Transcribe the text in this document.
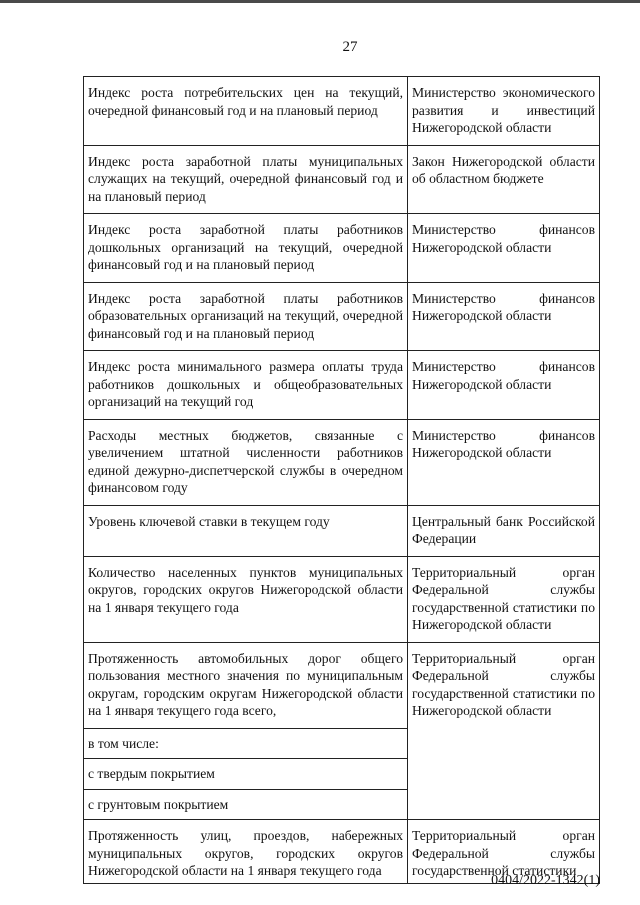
27
Индекс роста потребительских цен на текущий, очередной финансовый год и на плановый период	Министерство экономического развития и инвестиций Нижегородской области
Индекс роста заработной платы муниципальных служащих на текущий, очередной финансовый год и на плановый период	Закон Нижегородской области об областном бюджете
Индекс роста заработной платы работников дошкольных организаций на текущий, очередной финансовый год и на плановый период	Министерство финансов Нижегородской области
Индекс роста заработной платы работников образовательных организаций на текущий, очередной финансовый год и на плановый период	Министерство финансов Нижегородской области
Индекс роста минимального размера оплаты труда работников дошкольных и общеобразовательных организаций на текущий год	Министерство финансов Нижегородской области
Расходы местных бюджетов, связанные с увеличением штатной численности работников единой дежурно-диспетчерской службы в очередном финансовом году	Министерство финансов Нижегородской области
Уровень ключевой ставки в текущем году	Центральный банк Российской Федерации
Количество населенных пунктов муниципальных округов, городских округов Нижегородской области на 1 января текущего года	Территориальный орган Федеральной службы государственной статистики по Нижегородской области
Протяженность автомобильных дорог общего пользования местного значения по муниципальным округам, городским округам Нижегородской области на 1 января текущего года всего,	Территориальный орган Федеральной службы государственной статистики по Нижегородской области
в том числе:	
с твердым покрытием	
с грунтовым покрытием	
Протяженность улиц, проездов, набережных муниципальных округов, городских округов Нижегородской области на 1 января текущего года	Территориальный орган Федеральной службы государственной статистики
0404/2022-1342(1)
